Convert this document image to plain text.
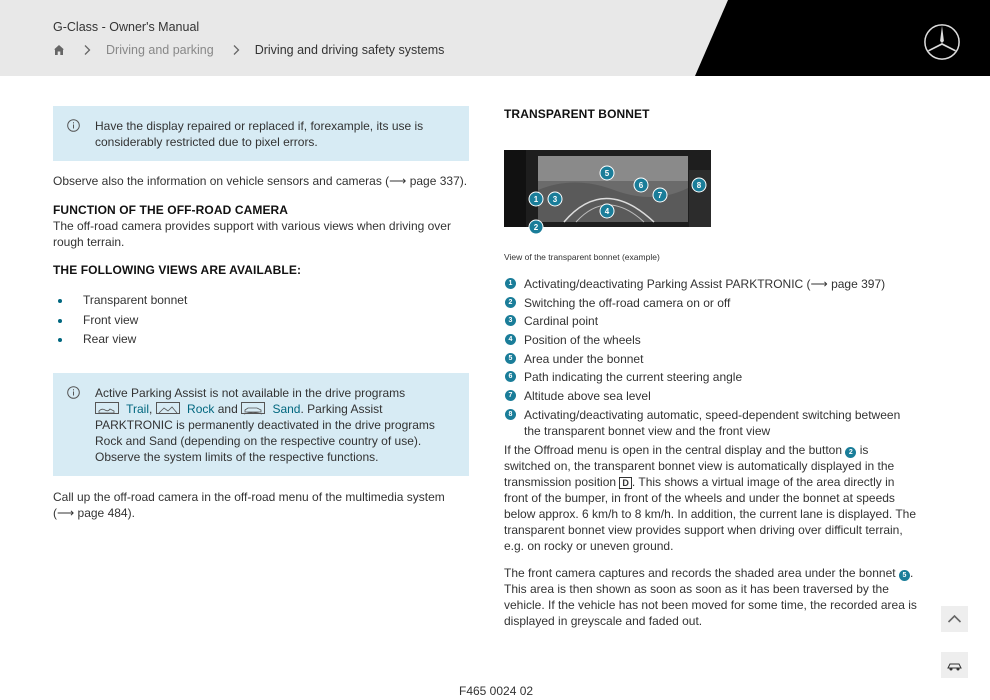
G-Class - Owner's Manual
Driving and parking	Driving and driving safety systems
Have the display repaired or replaced if, forexample, its use is considerably restricted due to pixel errors.

Observe also the information on vehicle sensors and cameras (⟶ page 337).

FUNCTION OF THE OFF-ROAD CAMERA

The off-road camera provides support with various views when driving over rough terrain.

THE FOLLOWING VIEWS ARE AVAILABLE:
Transparent bonnet
Front view
Rear view
Active Parking Assist is not available in the drive programs
Trail,	Rock and	Sand. Parking Assist PARKTRONIC is permanently deactivated in the drive programs Rock and Sand (depending on the respective country of use). Observe the system limits of the respective functions.

Call up the off-road camera in the off-road menu of the multimedia system (⟶ page 484).

TRANSPARENT BONNET
5
6
7
8
1 3
4
2
View of the transparent bonnet (example)
1 Activating/deactivating Parking Assist PARKTRONIC (⟶ page 397)
2 Switching the off-road camera on or off
3 Cardinal point
4 Position of the wheels
5 Area under the bonnet
6 Path indicating the current steering angle
7 Altitude above sea level
8 Activating/deactivating automatic, speed-dependent switching between the transparent bonnet view and the front view

If the Offroad menu is open in the central display and the button 2 is switched on, the transparent bonnet view is automatically displayed in the transmission position D . This shows a virtual image of the area directly in front of the bumper, in front of the wheels and under the bonnet at speeds below approx. 6 km/h to 8 km/h. In addition, the current lane is displayed. The transparent bonnet view provides support when driving over difficult terrain, e.g. on rocky or uneven ground.

The front camera captures and records the shaded area under the bonnet 5 . This area is then shown as soon as soon as it has been traversed by the vehicle. If the vehicle has not been moved for some time, the recorded area is displayed in greyscale and faded out.

F465 0024 02
